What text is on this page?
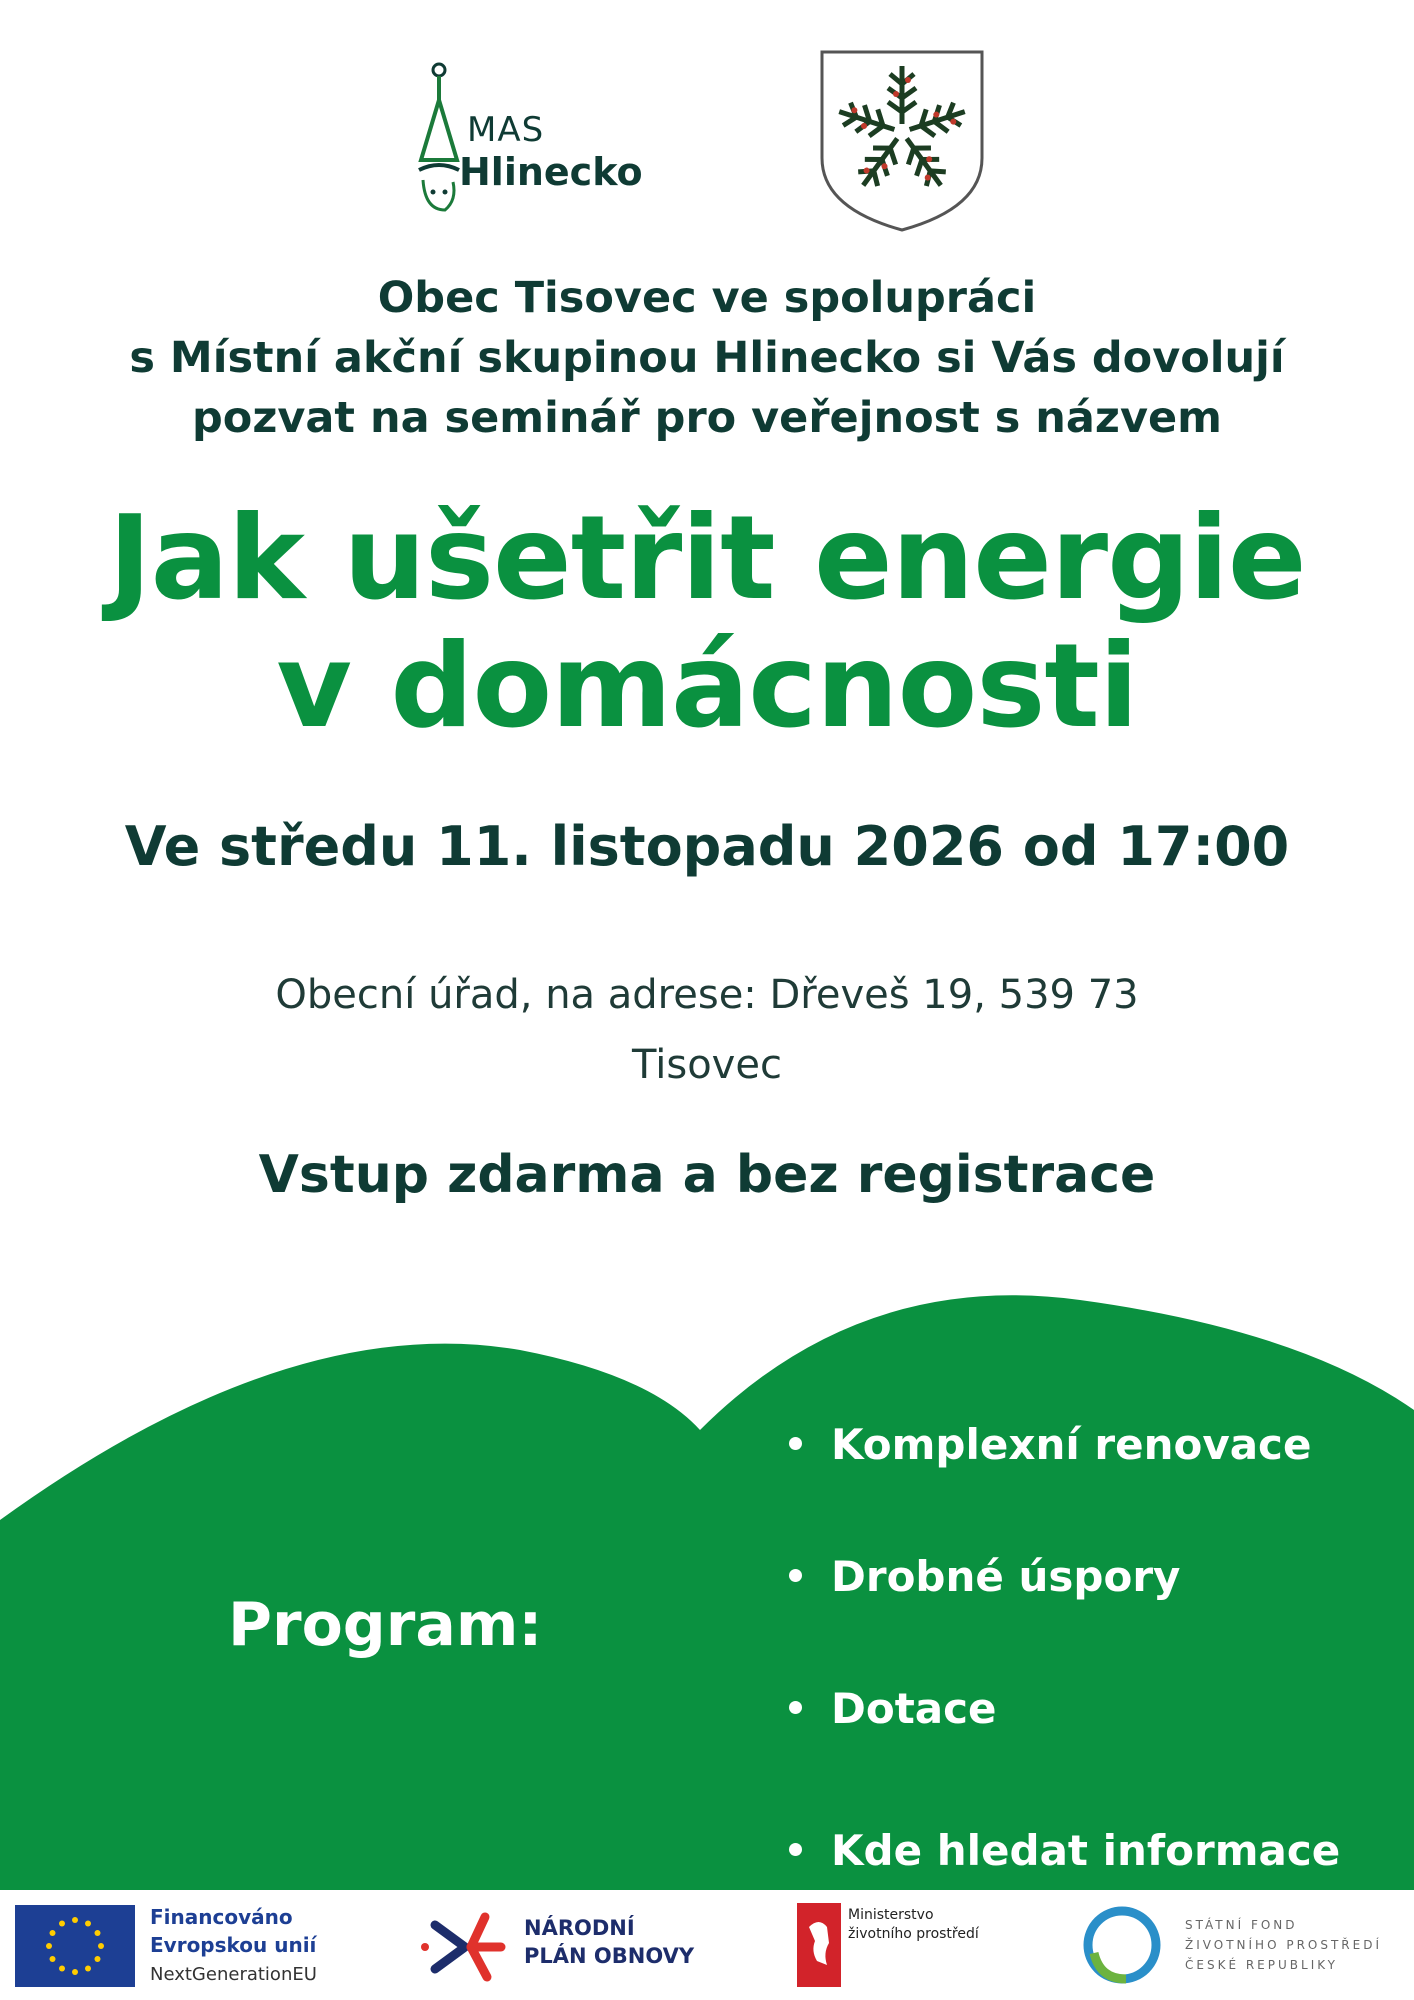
MAS
Hlinecko
Obec Tisovec ve spolupráci
s Místní akční skupinou Hlinecko si Vás dovolují
pozvat na seminář pro veřejnost s názvem
Jak ušetřit energie
v domácnosti
Ve středu 11. listopadu 2026 od 17:00
Obecní úřad, na adrese: Dřeveš 19, 539 73
Tisovec
Vstup zdarma a bez registrace
Program:
Komplexní renovace
Drobné úspory
Dotace
Kde hledat informace
Financováno
Evropskou unií
NextGenerationEU
NÁRODNÍ
PLÁN OBNOVY
Ministerstvo
životního prostředí
STÁTNÍ FOND
ŽIVOTNÍHO PROSTŘEDÍ
ČESKÉ REPUBLIKY
